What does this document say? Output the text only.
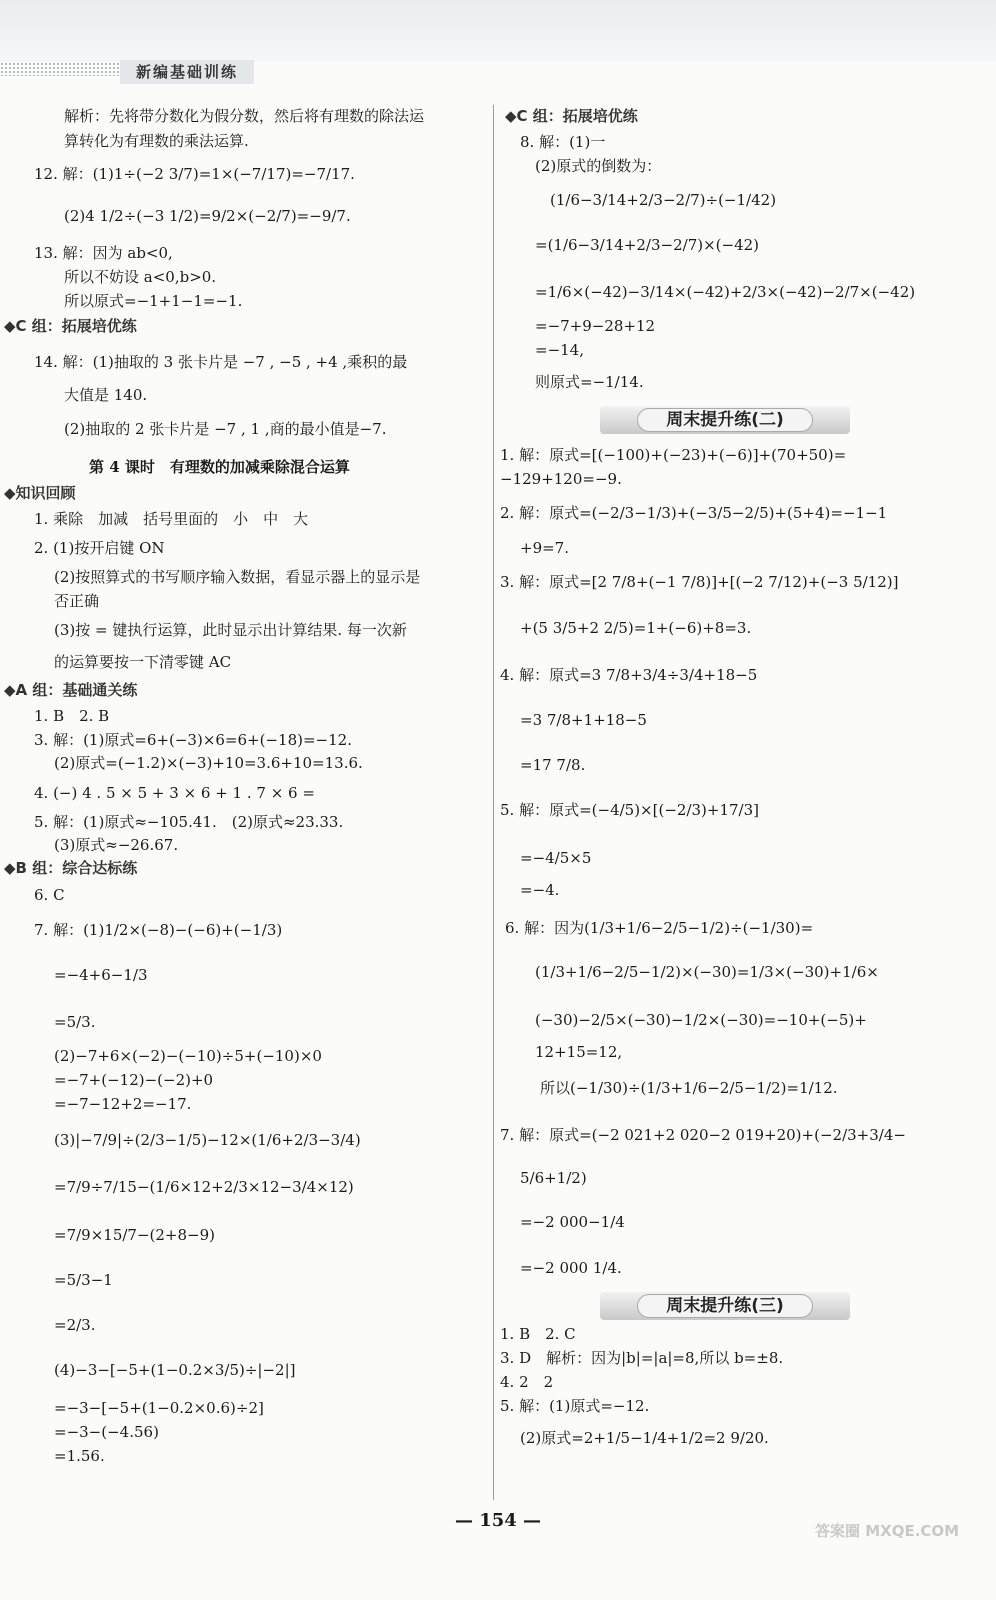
新编基础训练
解析：先将带分数化为假分数，然后将有理数的除法运
算转化为有理数的乘法运算.
12. 解：(1)1÷(−2 3/7)=1×(−7/17)=−7/17.
(2)4 1/2÷(−3 1/2)=9/2×(−2/7)=−9/7.
13. 解：因为 ab<0,
所以不妨设 a<0,b>0.
所以原式=−1+1−1=−1.
◆C 组：拓展培优练
14. 解：(1)抽取的 3 张卡片是 −7 , −5 , +4 ,乘积的最
大值是 140.
(2)抽取的 2 张卡片是 −7 , 1 ,商的最小值是−7.
第 4 课时　有理数的加减乘除混合运算
◆知识回顾
1. 乘除　加减　括号里面的　小　中　大
2. (1)按开启键 ON
(2)按照算式的书写顺序输入数据，看显示器上的显示是
否正确
(3)按 = 键执行运算，此时显示出计算结果. 每一次新
的运算要按一下清零键 AC
◆A 组：基础通关练
1. B　2. B
3. 解：(1)原式=6+(−3)×6=6+(−18)=−12.
(2)原式=(−1.2)×(−3)+10=3.6+10=13.6.
4. (−) 4 . 5 × 5 + 3 × 6 + 1 . 7 × 6 =
5. 解：(1)原式≈−105.41.　(2)原式≈23.33.
(3)原式≈−26.67.
◆B 组：综合达标练
6. C
7. 解：(1)1/2×(−8)−(−6)+(−1/3)
=−4+6−1/3
=5/3.
(2)−7+6×(−2)−(−10)÷5+(−10)×0
=−7+(−12)−(−2)+0
=−7−12+2=−17.
(3)|−7/9|÷(2/3−1/5)−12×(1/6+2/3−3/4)
=7/9÷7/15−(1/6×12+2/3×12−3/4×12)
=7/9×15/7−(2+8−9)
=5/3−1
=2/3.
(4)−3−[−5+(1−0.2×3/5)÷|−2|]
=−3−[−5+(1−0.2×0.6)÷2]
=−3−(−4.56)
=1.56.
◆C 组：拓展培优练
8. 解：(1)一
(2)原式的倒数为：
(1/6−3/14+2/3−2/7)÷(−1/42)
=(1/6−3/14+2/3−2/7)×(−42)
=1/6×(−42)−3/14×(−42)+2/3×(−42)−2/7×(−42)
=−7+9−28+12
=−14,
则原式=−1/14.
周末提升练(二)
1. 解：原式=[(−100)+(−23)+(−6)]+(70+50)=
−129+120=−9.
2. 解：原式=(−2/3−1/3)+(−3/5−2/5)+(5+4)=−1−1
+9=7.
3. 解：原式=[2 7/8+(−1 7/8)]+[(−2 7/12)+(−3 5/12)]
+(5 3/5+2 2/5)=1+(−6)+8=3.
4. 解：原式=3 7/8+3/4÷3/4+18−5
=3 7/8+1+18−5
=17 7/8.
5. 解：原式=(−4/5)×[(−2/3)+17/3]
=−4/5×5
=−4.
6. 解：因为(1/3+1/6−2/5−1/2)÷(−1/30)=
(1/3+1/6−2/5−1/2)×(−30)=1/3×(−30)+1/6×
(−30)−2/5×(−30)−1/2×(−30)=−10+(−5)+
12+15=12,
所以(−1/30)÷(1/3+1/6−2/5−1/2)=1/12.
7. 解：原式=(−2 021+2 020−2 019+20)+(−2/3+3/4−
5/6+1/2)
=−2 000−1/4
=−2 000 1/4.
周末提升练(三)
1. B　2. C
3. D　解析：因为|b|=|a|=8,所以 b=±8.
4. 2　2
5. 解：(1)原式=−12.
(2)原式=2+1/5−1/4+1/2=2 9/20.
— 154 —	答案圈 MXQE.COM
